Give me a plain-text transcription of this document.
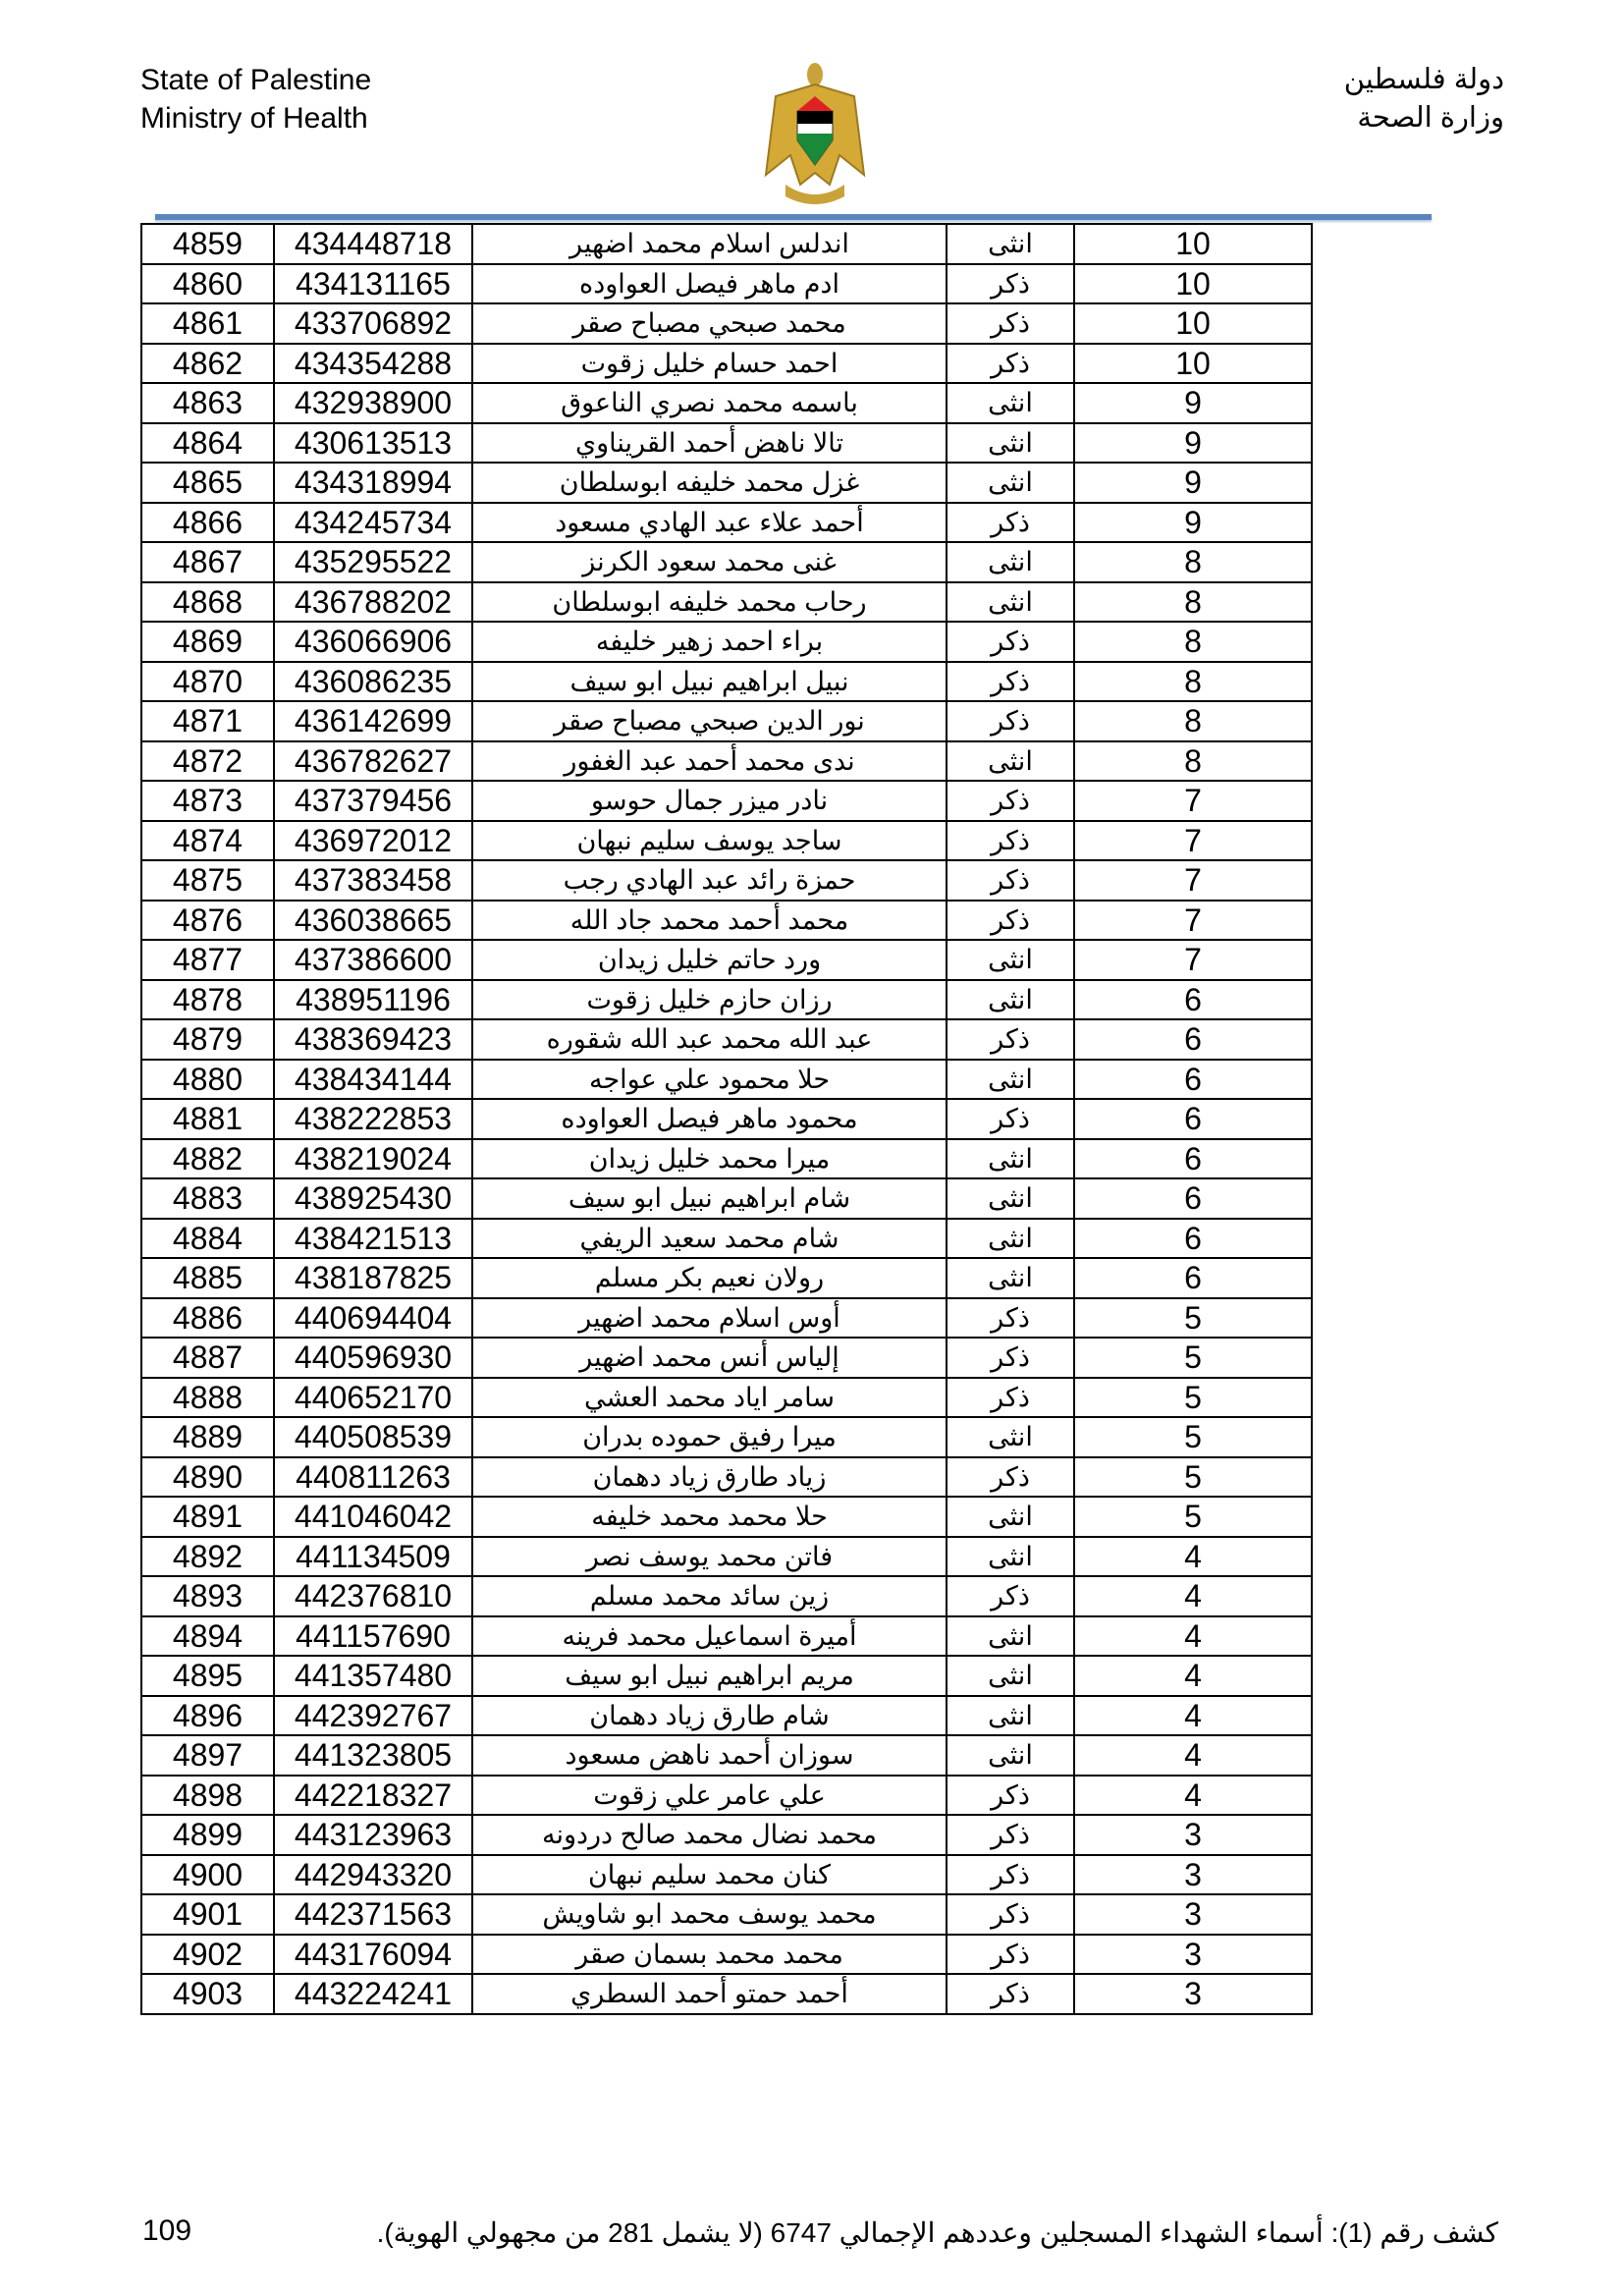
State of Palestine
Ministry of Health
دولة فلسطين
وزارة الصحة
4859	434448718	اندلس اسلام محمد اضهير	انثى	10
4860	434131165	ادم ماهر فيصل العواوده	ذكر	10
4861	433706892	محمد صبحي مصباح صقر	ذكر	10
4862	434354288	احمد حسام خليل زقوت	ذكر	10
4863	432938900	باسمه محمد نصري الناعوق	انثى	9
4864	430613513	تالا ناهض أحمد القريناوي	انثى	9
4865	434318994	غزل محمد خليفه ابوسلطان	انثى	9
4866	434245734	أحمد علاء عبد الهادي مسعود	ذكر	9
4867	435295522	غنى محمد سعود الكرنز	انثى	8
4868	436788202	رحاب محمد خليفه ابوسلطان	انثى	8
4869	436066906	براء احمد زهير خليفه	ذكر	8
4870	436086235	نبيل ابراهيم نبيل ابو سيف	ذكر	8
4871	436142699	نور الدين صبحي مصباح صقر	ذكر	8
4872	436782627	ندى محمد أحمد عبد الغفور	انثى	8
4873	437379456	نادر ميزر جمال حوسو	ذكر	7
4874	436972012	ساجد يوسف سليم نبهان	ذكر	7
4875	437383458	حمزة رائد عبد الهادي رجب	ذكر	7
4876	436038665	محمد أحمد محمد جاد الله	ذكر	7
4877	437386600	ورد حاتم خليل زيدان	انثى	7
4878	438951196	رزان حازم خليل زقوت	انثى	6
4879	438369423	عبد الله محمد عبد الله شقوره	ذكر	6
4880	438434144	حلا محمود علي عواجه	انثى	6
4881	438222853	محمود ماهر فيصل العواوده	ذكر	6
4882	438219024	ميرا محمد خليل زيدان	انثى	6
4883	438925430	شام ابراهيم نبيل ابو سيف	انثى	6
4884	438421513	شام محمد سعيد الريفي	انثى	6
4885	438187825	رولان نعيم بكر مسلم	انثى	6
4886	440694404	أوس اسلام محمد اضهير	ذكر	5
4887	440596930	إلياس أنس محمد اضهير	ذكر	5
4888	440652170	سامر اياد محمد العشي	ذكر	5
4889	440508539	ميرا رفيق حموده بدران	انثى	5
4890	440811263	زياد طارق زياد دهمان	ذكر	5
4891	441046042	حلا محمد محمد خليفه	انثى	5
4892	441134509	فاتن محمد يوسف نصر	انثى	4
4893	442376810	زين سائد محمد مسلم	ذكر	4
4894	441157690	أميرة اسماعيل محمد فرينه	انثى	4
4895	441357480	مريم ابراهيم نبيل ابو سيف	انثى	4
4896	442392767	شام طارق زياد دهمان	انثى	4
4897	441323805	سوزان أحمد ناهض مسعود	انثى	4
4898	442218327	علي عامر علي زقوت	ذكر	4
4899	443123963	محمد نضال محمد صالح دردونه	ذكر	3
4900	442943320	كنان محمد سليم نبهان	ذكر	3
4901	442371563	محمد يوسف محمد ابو شاويش	ذكر	3
4902	443176094	محمد محمد بسمان صقر	ذكر	3
4903	443224241	أحمد حمتو أحمد السطري	ذكر	3
109	كشف رقم (1): أسماء الشهداء المسجلين وعددهم الإجمالي 6747 (لا يشمل 281 من مجهولي الهوية).
